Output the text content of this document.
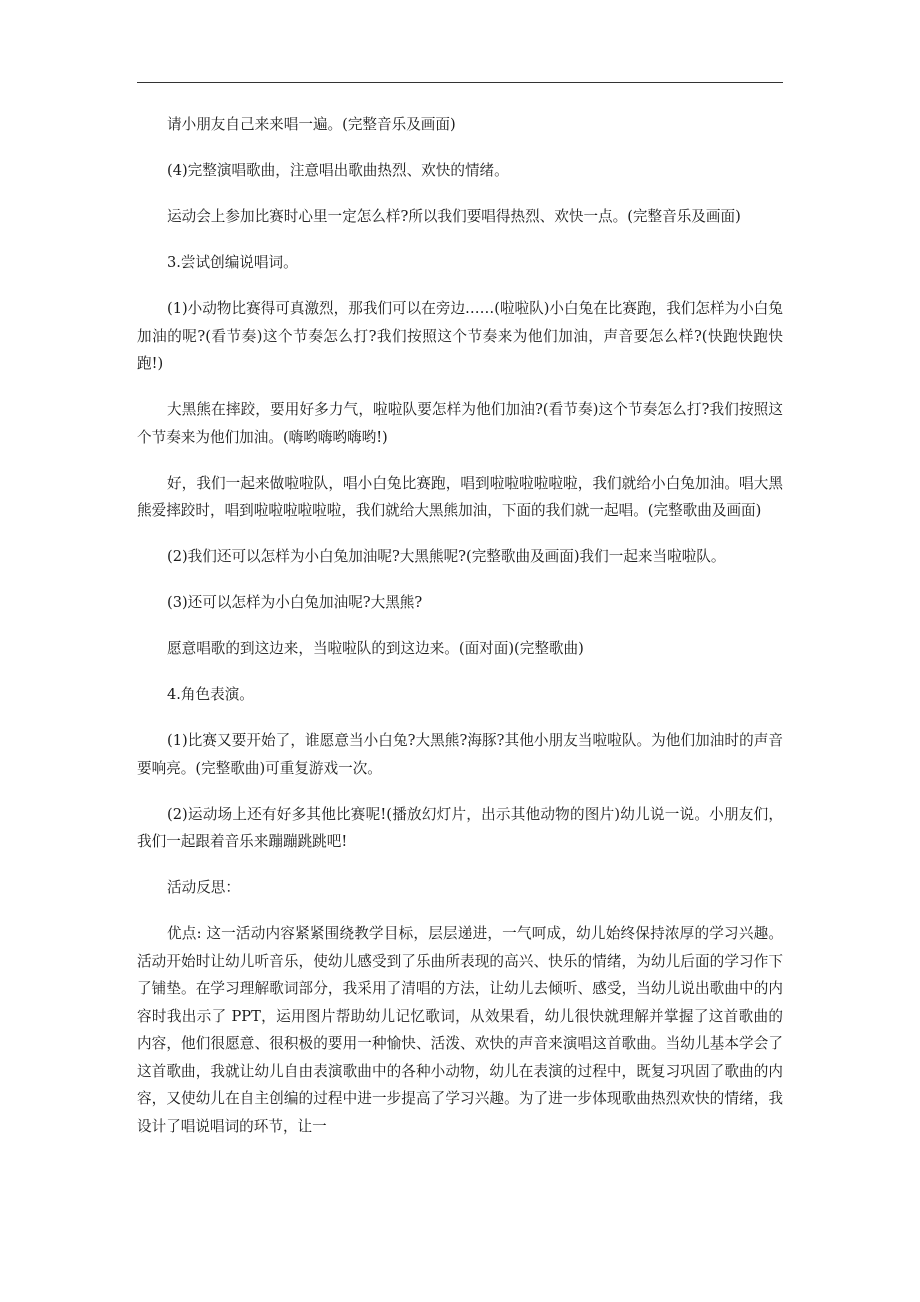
请小朋友自己来来唱一遍。(完整音乐及画面)

(4)完整演唱歌曲，注意唱出歌曲热烈、欢快的情绪。

运动会上参加比赛时心里一定怎么样?所以我们要唱得热烈、欢快一点。(完整音乐及画面)

3.尝试创编说唱词。

(1)小动物比赛得可真激烈，那我们可以在旁边……(啦啦队)小白兔在比赛跑，我们怎样为小白兔加油的呢?(看节奏)这个节奏怎么打?我们按照这个节奏来为他们加油，声音要怎么样?(快跑快跑快跑!)

大黑熊在摔跤，要用好多力气，啦啦队要怎样为他们加油?(看节奏)这个节奏怎么打?我们按照这个节奏来为他们加油。(嗨哟嗨哟嗨哟!)

好，我们一起来做啦啦队，唱小白兔比赛跑，唱到啦啦啦啦啦啦，我们就给小白兔加油。唱大黑熊爱摔跤时，唱到啦啦啦啦啦啦，我们就给大黑熊加油，下面的我们就一起唱。(完整歌曲及画面)

(2)我们还可以怎样为小白兔加油呢?大黑熊呢?(完整歌曲及画面)我们一起来当啦啦队。

(3)还可以怎样为小白兔加油呢?大黑熊?

愿意唱歌的到这边来，当啦啦队的到这边来。(面对面)(完整歌曲)

4.角色表演。

(1)比赛又要开始了，谁愿意当小白兔?大黑熊?海豚?其他小朋友当啦啦队。为他们加油时的声音要响亮。(完整歌曲)可重复游戏一次。

(2)运动场上还有好多其他比赛呢!(播放幻灯片，出示其他动物的图片)幼儿说一说。小朋友们，我们一起跟着音乐来蹦蹦跳跳吧!

活动反思：

优点: 这一活动内容紧紧围绕教学目标，层层递进，一气呵成，幼儿始终保持浓厚的学习兴趣。活动开始时让幼儿听音乐，使幼儿感受到了乐曲所表现的高兴、快乐的情绪，为幼儿后面的学习作下了铺垫。在学习理解歌词部分，我采用了清唱的方法，让幼儿去倾听、感受，当幼儿说出歌曲中的内容时我出示了 PPT，运用图片帮助幼儿记忆歌词，从效果看，幼儿很快就理解并掌握了这首歌曲的内容，他们很愿意、很积极的要用一种愉快、活泼、欢快的声音来演唱这首歌曲。当幼儿基本学会了这首歌曲，我就让幼儿自由表演歌曲中的各种小动物，幼儿在表演的过程中，既复习巩固了歌曲的内容，又使幼儿在自主创编的过程中进一步提高了学习兴趣。为了进一步体现歌曲热烈欢快的情绪，我设计了唱说唱词的环节，让一
